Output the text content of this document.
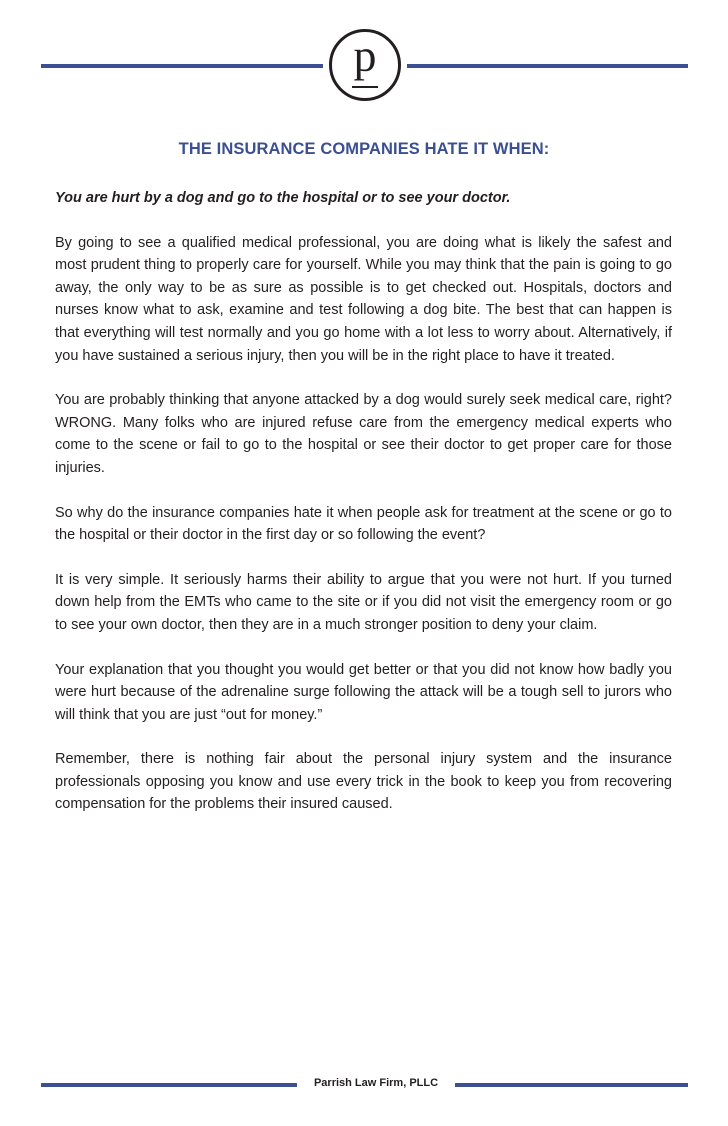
p
THE INSURANCE COMPANIES HATE IT WHEN:

You are hurt by a dog and go to the hospital or to see your doctor.

By going to see a qualified medical professional, you are doing what is likely the safest and most prudent thing to properly care for yourself. While you may think that the pain is going to go away, the only way to be as sure as possible is to get checked out. Hospitals, doctors and nurses know what to ask, examine and test following a dog bite. The best that can happen is that everything will test normally and you go home with a lot less to worry about. Alternatively, if you have sustained a serious injury, then you will be in the right place to have it treated.

You are probably thinking that anyone attacked by a dog would surely seek medical care, right? WRONG. Many folks who are injured refuse care from the emergency medical experts who come to the scene or fail to go to the hospital or see their doctor to get proper care for those injuries.

So why do the insurance companies hate it when people ask for treatment at the scene or go to the hospital or their doctor in the first day or so following the event?

It is very simple. It seriously harms their ability to argue that you were not hurt. If you turned down help from the EMTs who came to the site or if you did not visit the emergency room or go to see your own doctor, then they are in a much stronger position to deny your claim.

Your explanation that you thought you would get better or that you did not know how badly you were hurt because of the adrenaline surge following the attack will be a tough sell to jurors who will think that you are just “out for money.”

Remember, there is nothing fair about the personal injury system and the insurance professionals opposing you know and use every trick in the book to keep you from recovering compensation for the problems their insured caused.

Parrish Law Firm, PLLC
